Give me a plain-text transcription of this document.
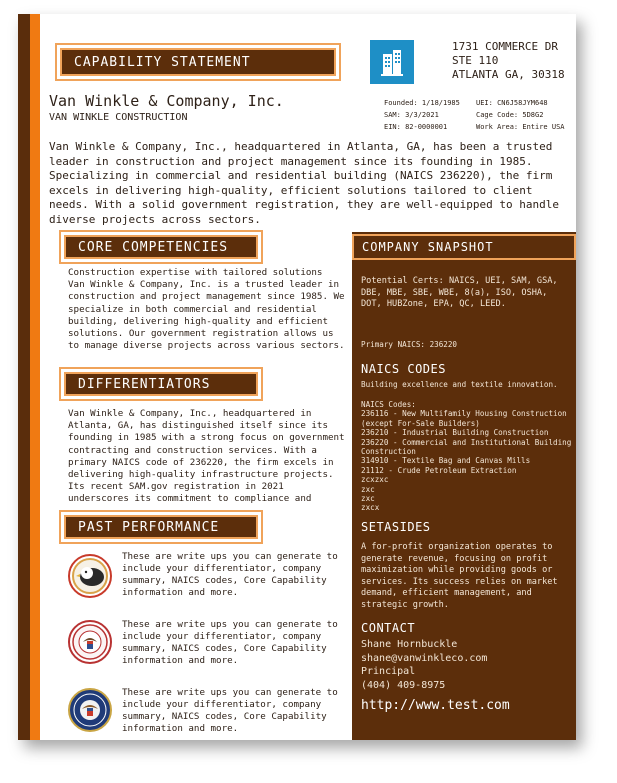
CAPABILITY STATEMENT
1731 COMMERCE DR
STE 110
ATLANTA GA, 30318
Van Winkle & Company, Inc.
VAN WINKLE CONSTRUCTION
Founded: 1/18/1985	UEI: CN6J58JYM648
SAM: 3/3/2021	Cage Code: 5D8G2
EIN: 82-0000001	Work Area: Entire USA
Van Winkle & Company, Inc., headquartered in Atlanta, GA, has been a trusted
leader in construction and project management since its founding in 1985.
Specializing in commercial and residential building (NAICS 236220), the firm
excels in delivering high-quality, efficient solutions tailored to client
needs. With a solid government registration, they are well-equipped to handle
diverse projects across sectors.
CORE COMPETENCIES
Construction expertise with tailored solutions
Van Winkle & Company, Inc. is a trusted leader in
construction and project management since 1985. We
specialize in both commercial and residential
building, delivering high-quality and efficient
solutions. Our government registration allows us
to manage diverse projects across various sectors.
DIFFERENTIATORS
Van Winkle & Company, Inc., headquartered in
Atlanta, GA, has distinguished itself since its
founding in 1985 with a strong focus on government
contracting and construction services. With a
primary NAICS code of 236220, the firm excels in
delivering high-quality infrastructure projects.
Its recent SAM.gov registration in 2021
underscores its commitment to compliance and
PAST PERFORMANCE
These are write ups you can generate to
include your differentiator, company
summary, NAICS codes, Core Capability
information and more.
These are write ups you can generate to
include your differentiator, company
summary, NAICS codes, Core Capability
information and more.
These are write ups you can generate to
include your differentiator, company
summary, NAICS codes, Core Capability
information and more.
COMPANY SNAPSHOT
Potential Certs: NAICS, UEI, SAM, GSA,
DBE, MBE, SBE, WBE, 8(a), ISO, OSHA,
DOT, HUBZone, EPA, QC, LEED.
Primary NAICS: 236220
NAICS CODES
Building excellence and textile innovation.
NAICS Codes:
236116 - New Multifamily Housing Construction
(except For-Sale Builders)
236210 - Industrial Building Construction
236220 - Commercial and Institutional Building
Construction
314910 - Textile Bag and Canvas Mills
21112 - Crude Petroleum Extraction
zcxzxc
zxc
zxc
zxcx
SETASIDES
A for-profit organization operates to
generate revenue, focusing on profit
maximization while providing goods or
services. Its success relies on market
demand, efficient management, and
strategic growth.
CONTACT
Shane Hornbuckle
shane@vanwinkleco.com
Principal
(404) 409-8975
http://www.test.com
